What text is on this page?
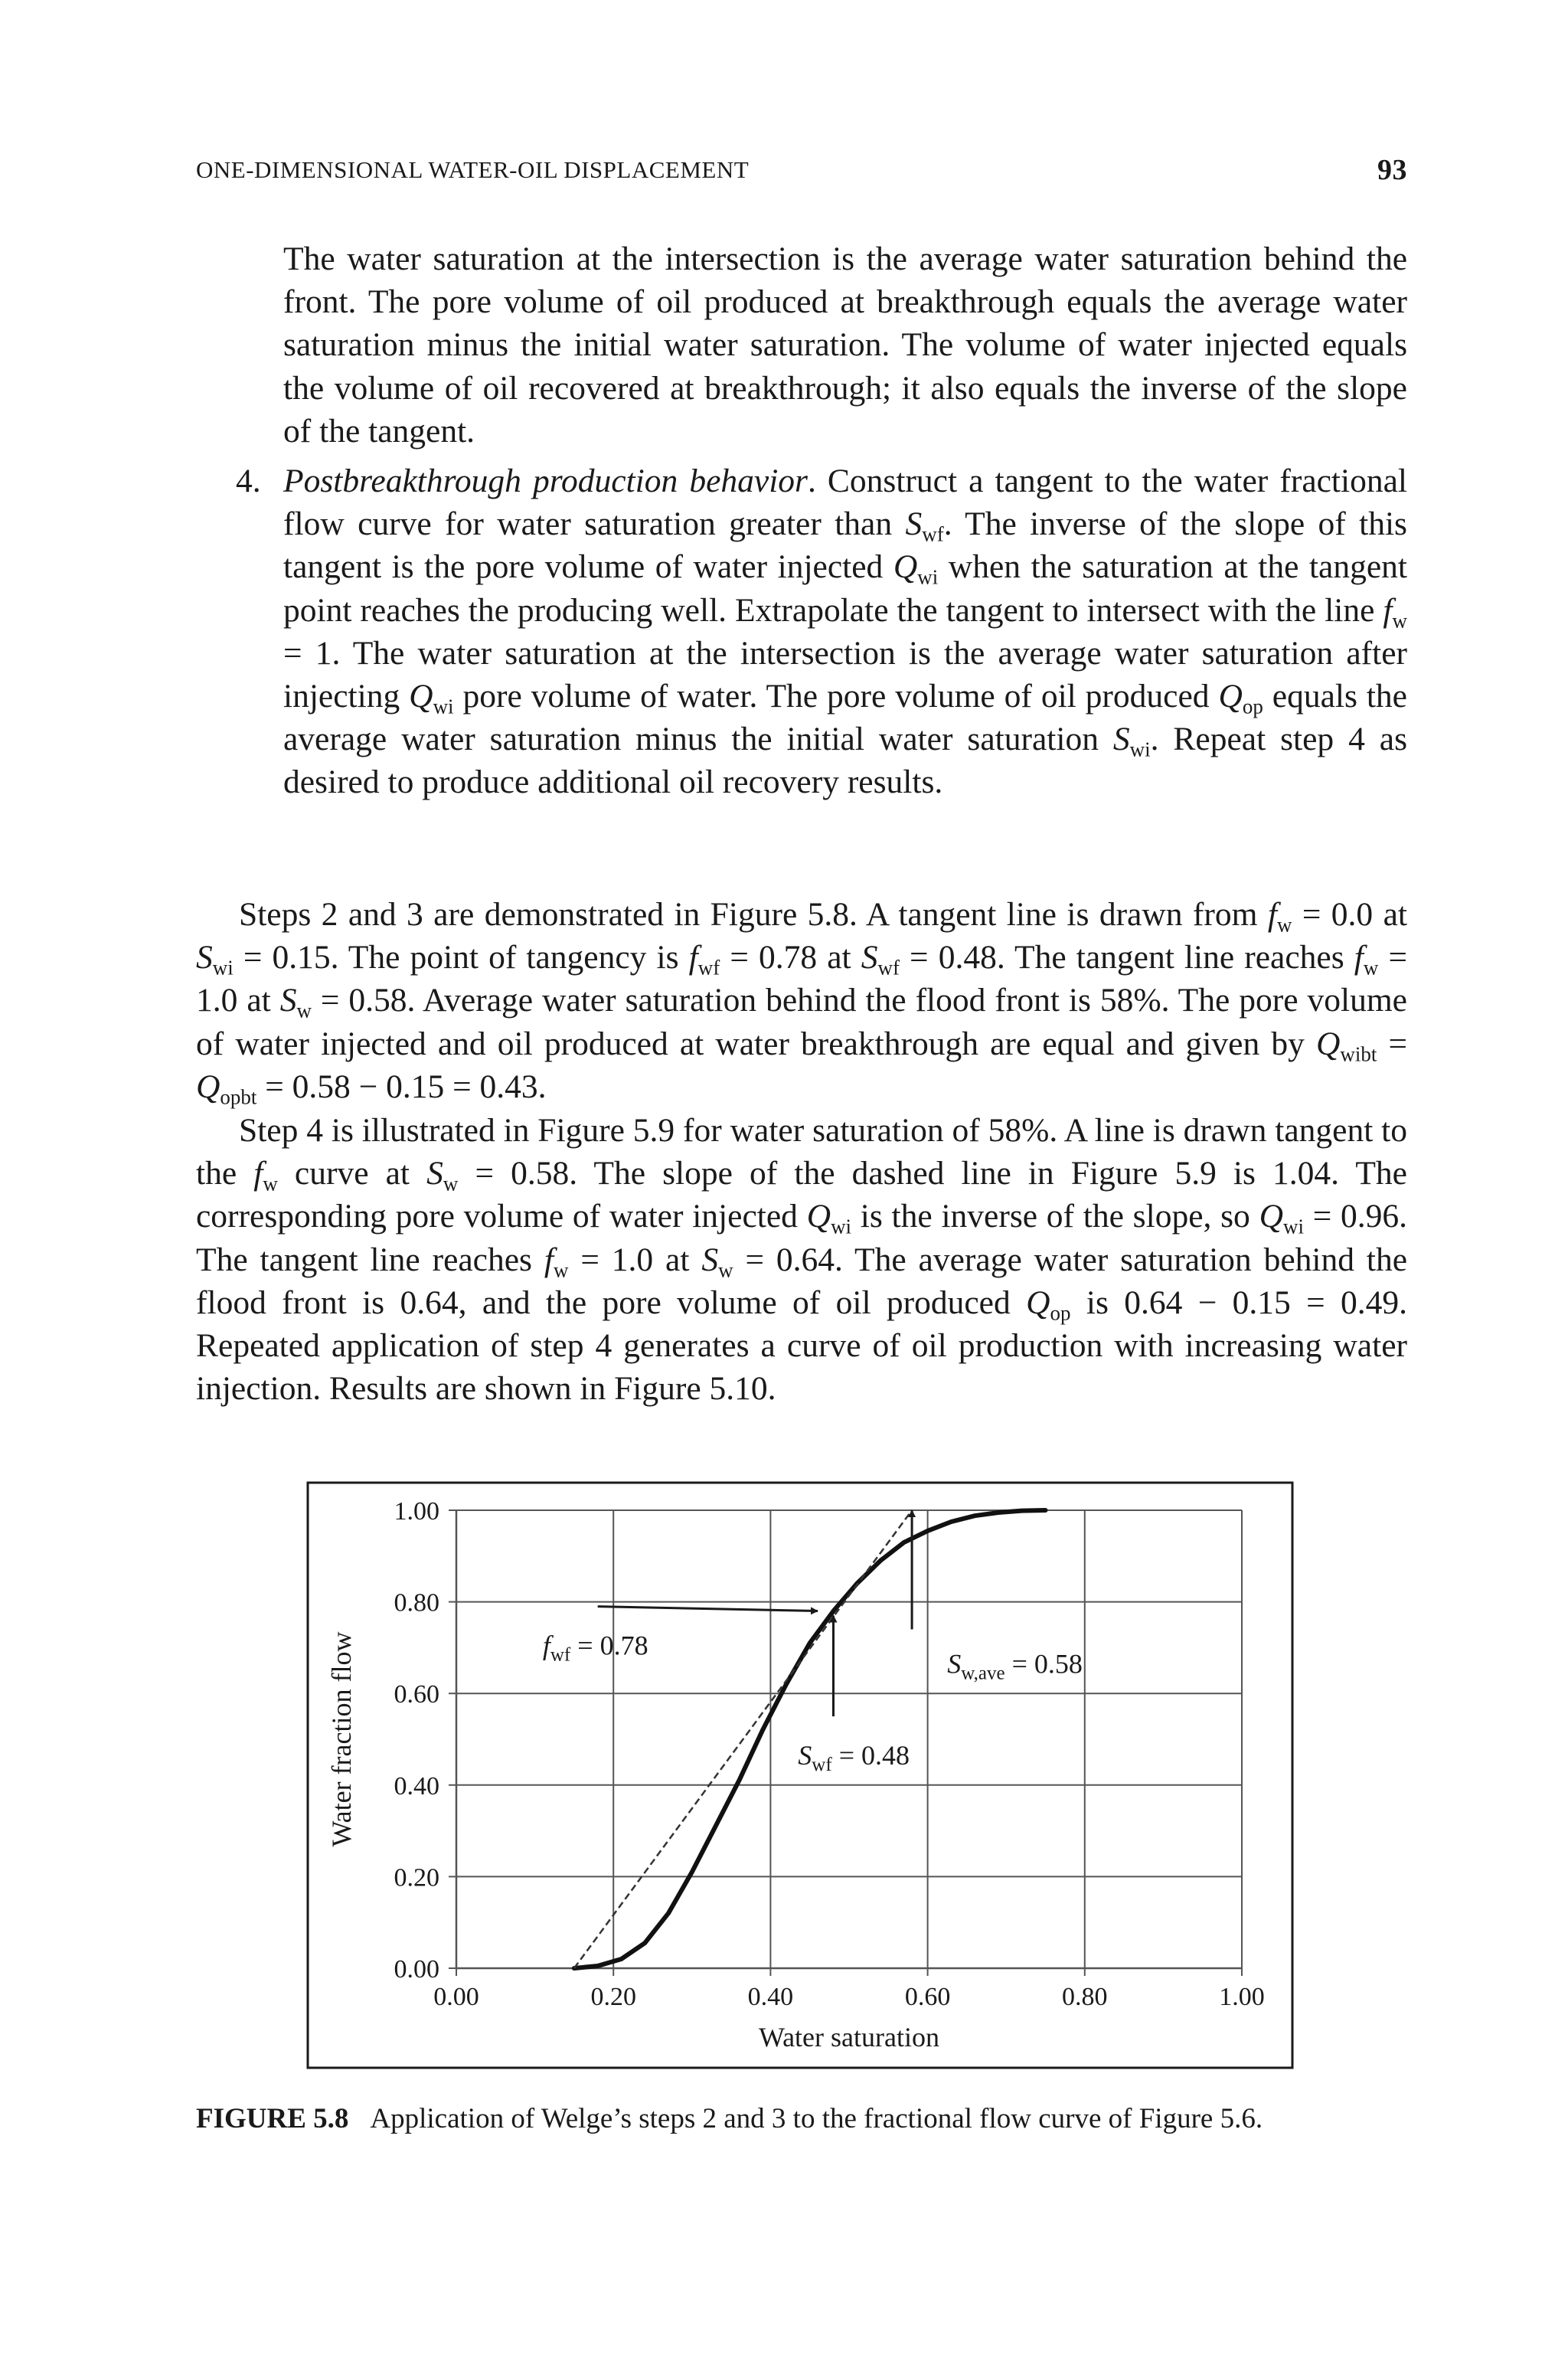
ONE-DIMENSIONAL WATER-OIL DISPLACEMENT	93

The water saturation at the intersection is the average water saturation behind the front. The pore volume of oil produced at breakthrough equals the average water saturation minus the initial water saturation. The volume of water injected equals the volume of oil recovered at breakthrough; it also equals the inverse of the slope of the tangent.

4. Postbreakthrough production behavior. Construct a tangent to the water fractional flow curve for water saturation greater than $S_{wf}$. The inverse of the slope of this tangent is the pore volume of water injected $Q_{wi}$ when the saturation at the tangent point reaches the producing well. Extrapolate the tangent to intersect with the line $f_w = 1$. The water saturation at the intersection is the average water saturation after injecting $Q_{wi}$ pore volume of water. The pore volume of oil produced $Q_{op}$ equals the average water saturation minus the initial water saturation $S_{wi}$. Repeat step 4 as desired to produce additional oil recovery results.

Steps 2 and 3 are demonstrated in Figure 5.8. A tangent line is drawn from $f_w = 0.0$ at $S_{wi} = 0.15$. The point of tangency is $f_{wf} = 0.78$ at $S_{wf} = 0.48$. The tangent line reaches $f_w = 1.0$ at $S_w = 0.58$. Average water saturation behind the flood front is 58%. The pore volume of water injected and oil produced at water breakthrough are equal and given by $Q_{wibt} = Q_{opbt} = 0.58 - 0.15 = 0.43$.

Step 4 is illustrated in Figure 5.9 for water saturation of 58%. A line is drawn tangent to the $f_w$ curve at $S_w = 0.58$. The slope of the dashed line in Figure 5.9 is 1.04. The corresponding pore volume of water injected $Q_{wi}$ is the inverse of the slope, so $Q_{wi} = 0.96$. The tangent line reaches $f_w = 1.0$ at $S_w = 0.64$. The average water saturation behind the flood front is 0.64, and the pore volume of oil produced $Q_{op}$ is 0.64 − 0.15 = 0.49. Repeated application of step 4 generates a curve of oil production with increasing water injection. Results are shown in Figure 5.10.

0.00
0.20
0.40
0.60
0.80
1.00
0.00	0.20	0.40	0.60	0.80	1.00
Water saturation
Water fraction flow	$f_{wf} = 0.78$
$S_{wf} = 0.48$
$S_{w,ave} = 0.58$
FIGURE 5.8 Application of Welge’s steps 2 and 3 to the fractional flow curve of Figure 5.6.
